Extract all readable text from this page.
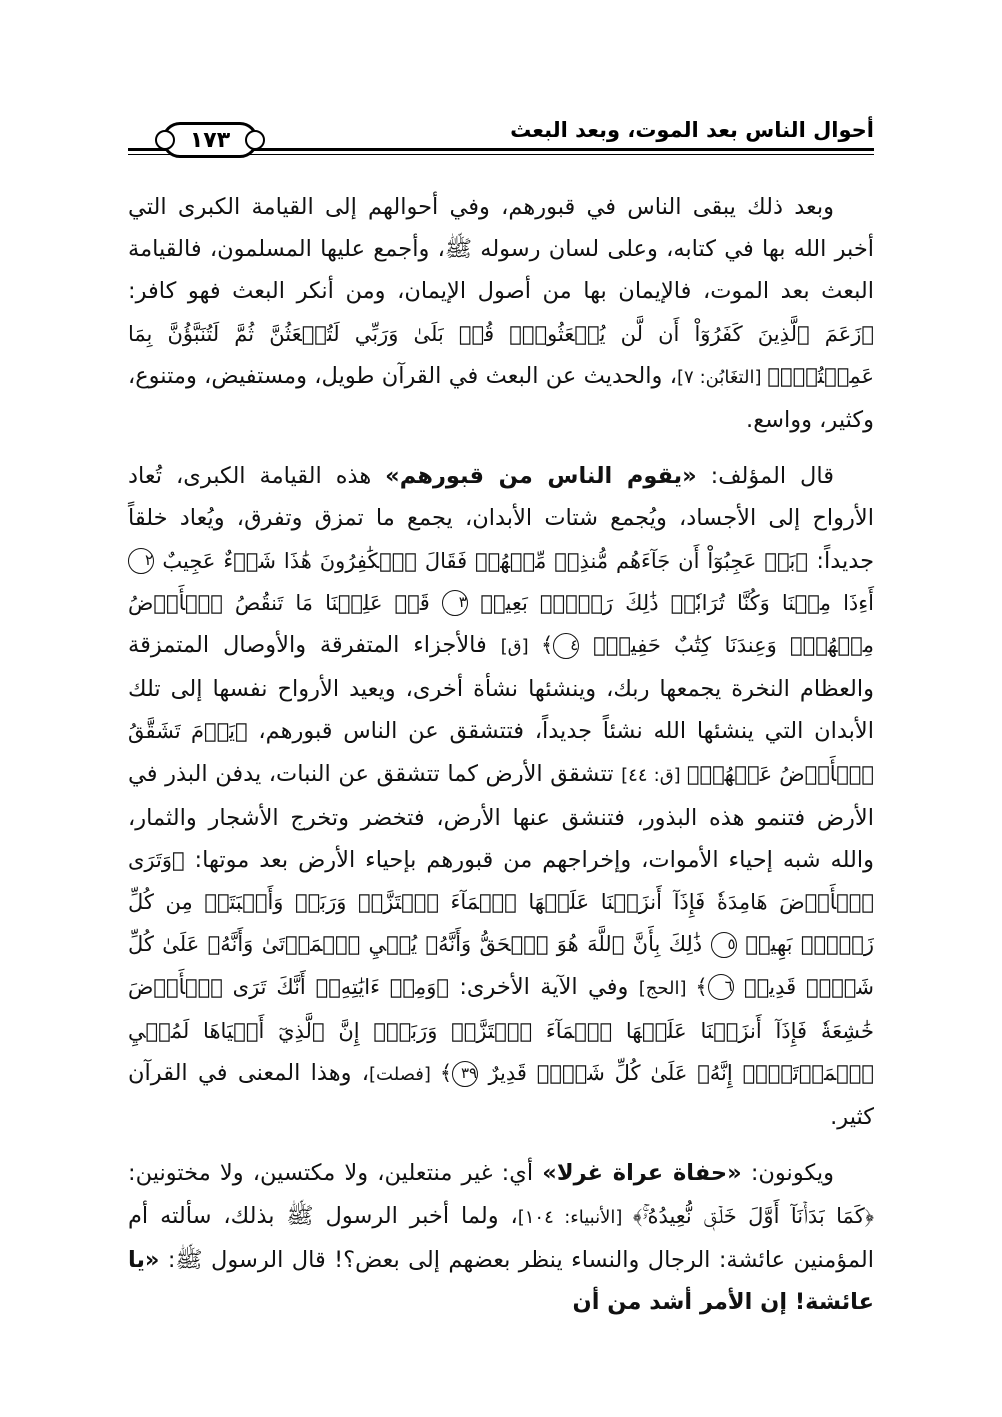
أحوال الناس بعد الموت، وبعد البعث
١٧٣

وبعد ذلك يبقى الناس في قبورهم، وفي أحوالهم إلى القيامة الكبرى التي أخبر الله بها في كتابه، وعلى لسان رسوله ﷺ، وأجمع عليها المسلمون، فالقيامة البعث بعد الموت، فالإيمان بها من أصول الإيمان، ومن أنكر البعث فهو كافر: ﴿زَعَمَ ٱلَّذِينَ كَفَرُوٓاْ أَن لَّن يُبۡعَثُواْۚ قُلۡ بَلَىٰ وَرَبِّي لَتُبۡعَثُنَّ ثُمَّ لَتُنَبَّؤُنَّ بِمَا عَمِلۡتُمۡۚ﴾ [التغَابُن: ٧]، والحديث عن البعث في القرآن طويل، ومستفيض، ومتنوع، وكثير، وواسع.

قال المؤلف: «يقوم الناس من قبورهم» هذه القيامة الكبرى، تُعاد الأرواح إلى الأجساد، ويُجمع شتات الأبدان، يجمع ما تمزق وتفرق، ويُعاد خلقاً جديداً: ﴿بَلۡ عَجِبُوٓاْ أَن جَآءَهُم مُّنذِرٞ مِّنۡهُمۡ فَقَالَ ٱلۡكَٰفِرُونَ هَٰذَا شَيۡءٌ عَجِيبٌ ٢ أَءِذَا مِتۡنَا وَكُنَّا تُرَابٗاۖ ذَٰلِكَ رَجۡعُۢ بَعِيدٞ ٣ قَدۡ عَلِمۡنَا مَا تَنقُصُ ٱلۡأَرۡضُ مِنۡهُمۡۖ وَعِندَنَا كِتَٰبٌ حَفِيظُۢ ٤﴾ [ق] فالأجزاء المتفرقة والأوصال المتمزقة والعظام النخرة يجمعها ربك، وينشئها نشأة أخرى، ويعيد الأرواح نفسها إلى تلك الأبدان التي ينشئها الله نشئاً جديداً، فتتشقق عن الناس قبورهم، ﴿يَوۡمَ تَشَقَّقُ ٱلۡأَرۡضُ عَنۡهُمۡ﴾ [ق: ٤٤] تتشقق الأرض كما تتشقق عن النبات، يدفن البذر في الأرض فتنمو هذه البذور، فتنشق عنها الأرض، فتخضر وتخرج الأشجار والثمار، والله شبه إحياء الأموات، وإخراجهم من قبورهم بإحياء الأرض بعد موتها: ﴿وَتَرَى ٱلۡأَرۡضَ هَامِدَةٗ فَإِذَآ أَنزَلۡنَا عَلَيۡهَا ٱلۡمَآءَ ٱهۡتَزَّتۡ وَرَبَتۡ وَأَنۢبَتَتۡ مِن كُلِّ زَوۡجِۭ بَهِيجٖ ٥ ذَٰلِكَ بِأَنَّ ٱللَّهَ هُوَ ٱلۡحَقُّ وَأَنَّهُۥ يُحۡيِ ٱلۡمَوۡتَىٰ وَأَنَّهُۥ عَلَىٰ كُلِّ شَيۡءٖ قَدِيرٞ ٦﴾ [الحج] وفي الآية الأخرى: ﴿وَمِنۡ ءَايَٰتِهِۦٓ أَنَّكَ تَرَى ٱلۡأَرۡضَ خَٰشِعَةٗ فَإِذَآ أَنزَلۡنَا عَلَيۡهَا ٱلۡمَآءَ ٱهۡتَزَّتۡ وَرَبَتۡۚ إِنَّ ٱلَّذِيٓ أَحۡيَاهَا لَمُحۡيِ ٱلۡمَوۡتَىٰٓۚ إِنَّهُۥ عَلَىٰ كُلِّ شَيۡءٖ قَدِيرٌ ٣٩﴾ [فصلت]، وهذا المعنى في القرآن كثير.

ويكونون: «حفاة عراة غرلا» أي: غير منتعلين، ولا مكتسين، ولا مختونين: ﴿كَمَا بَدَأۡنَآ أَوَّلَ خَلۡقٖ نُّعِيدُهُۥۚ﴾ [الأنبياء: ١٠٤]، ولما أخبر الرسول ﷺ بذلك، سألته أم المؤمنين عائشة: الرجال والنساء ينظر بعضهم إلى بعض؟! قال الرسول ﷺ: «يا عائشة! إن الأمر أشد من أن
